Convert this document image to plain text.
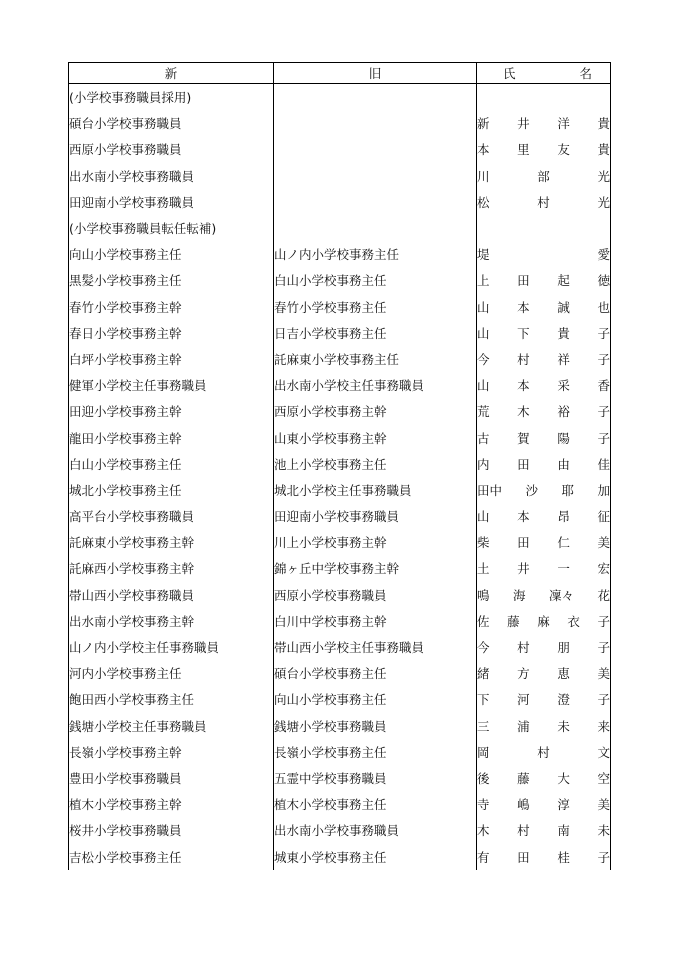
新	旧	氏 名

(小学校事務職員採用)		
碩台小学校事務職員		新 井 洋 貴

西原小学校事務職員		本 里 友 貴

出水南小学校事務職員		川 部 光

田迎南小学校事務職員		松 村 光

(小学校事務職員転任転補)		
向山小学校事務主任	山ノ内小学校事務主任	堤 愛

黒髪小学校事務主任	白山小学校事務主任	上 田 起 徳

春竹小学校事務主幹	春竹小学校事務主任	山 本 誠 也

春日小学校事務主幹	日吉小学校事務主任	山 下 貴 子

白坪小学校事務主幹	託麻東小学校事務主任	今 村 祥 子

健軍小学校主任事務職員	出水南小学校主任事務職員	山 本 采 香

田迎小学校事務主幹	西原小学校事務主幹	荒 木 裕 子

龍田小学校事務主幹	山東小学校事務主幹	古 賀 陽 子

白山小学校事務主任	池上小学校事務主任	内 田 由 佳

城北小学校事務主任	城北小学校主任事務職員	田中 沙 耶 加

高平台小学校事務職員	田迎南小学校事務職員	山 本 昂 征

託麻東小学校事務主幹	川上小学校事務主幹	柴 田 仁 美

託麻西小学校事務主幹	錦ヶ丘中学校事務主幹	土 井 一 宏

帯山西小学校事務職員	西原小学校事務職員	鳴 海 凜々 花

出水南小学校事務主幹	白川中学校事務主幹	佐 藤 麻 衣 子

山ノ内小学校主任事務職員	帯山西小学校主任事務職員	今 村 朋 子

河内小学校事務主任	碩台小学校事務主任	緒 方 恵 美

飽田西小学校事務主任	向山小学校事務主任	下 河 澄 子

銭塘小学校主任事務職員	銭塘小学校事務職員	三 浦 未 来

長嶺小学校事務主幹	長嶺小学校事務主任	岡 村 文

豊田小学校事務職員	五霊中学校事務職員	後 藤 大 空

植木小学校事務主幹	植木小学校事務主任	寺 嶋 淳 美

桜井小学校事務職員	出水南小学校事務職員	木 村 南 未

吉松小学校事務主任	城東小学校事務主任	有 田 桂 子
